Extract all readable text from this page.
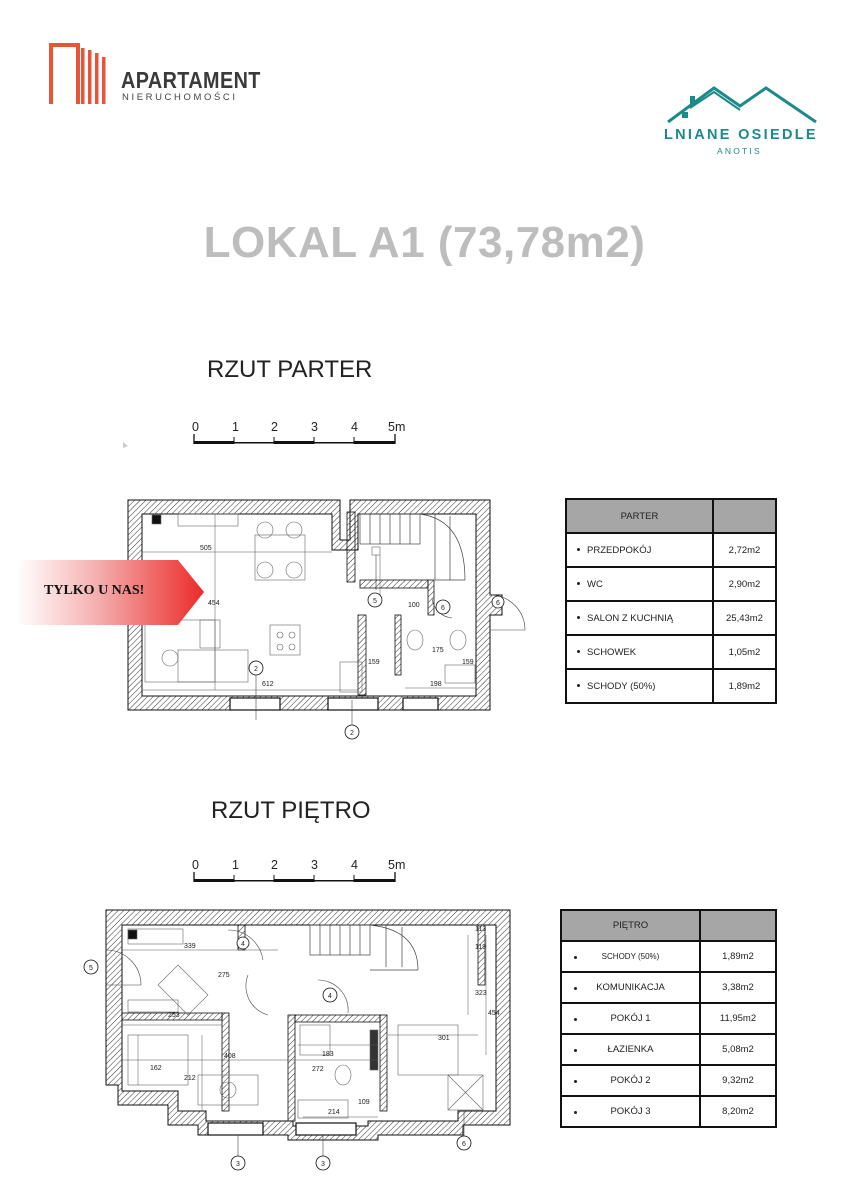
APARTAMENT
NIERUCHOMOŚCI
LNIANE OSIEDLE
ANOTIS
LOKAL A1 (73,78m2)
RZUT PARTER
0	1	2	3	4 5m
505
454
612
100
159
175
159
198
2
2
5
6
6
TYLKO U NAS!
PARTER	
PRZEDPOKÓJ	2,72m2
WC	2,90m2
SALON Z KUCHNIĄ	25,43m2
SCHOWEK	1,05m2
SCHODY (50%)	1,89m2
RZUT PIĘTRO
0	1	2	3	4 5m
339
275
253
408
162
212
183
272
301
323
454
109
214
113
119
5
4
4
3	3
6
PIĘTRO	

SCHODY (50%)	1,89m2

KOMUNIKACJA	3,38m2

POKÓJ 1	11,95m2

ŁAZIENKA	5,08m2

POKÓJ 2	9,32m2

POKÓJ 3	8,20m2
